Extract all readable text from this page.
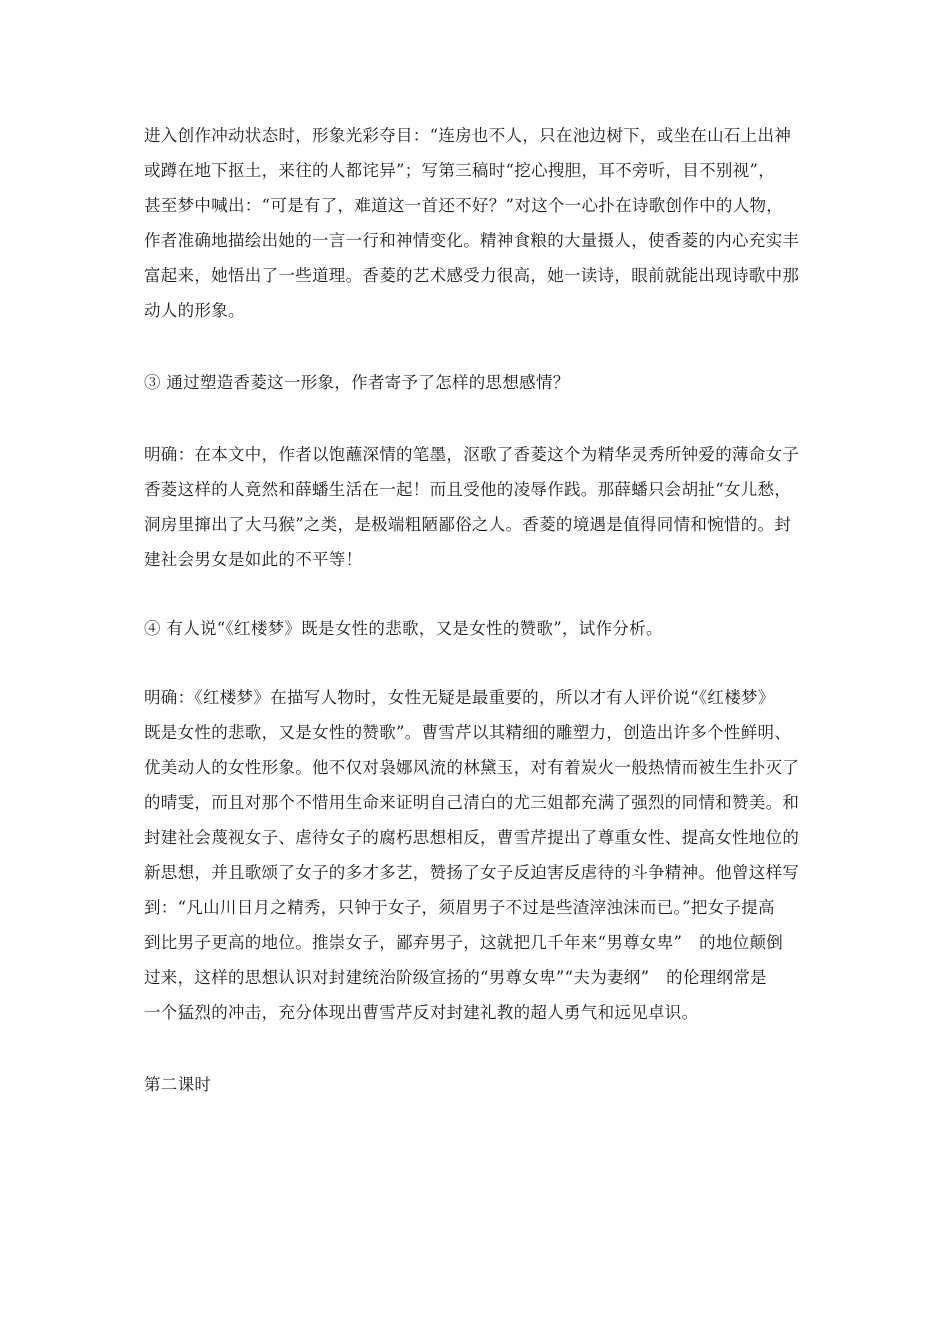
进入创作冲动状态时，形象光彩夺目：“连房也不人，只在池边树下，或坐在山石上出神
或蹲在地下抠土，来往的人都诧异”；写第三稿时“挖心搜胆，耳不旁听，目不别视”，
甚至梦中喊出：“可是有了，难道这一首还不好？”对这个一心扑在诗歌创作中的人物，
作者准确地描绘出她的一言一行和神情变化。精神食粮的大量摄人，使香菱的内心充实丰
富起来，她悟出了一些道理。香菱的艺术感受力很高，她一读诗，眼前就能出现诗歌中那
动人的形象。
③ 通过塑造香菱这一形象，作者寄予了怎样的思想感情？
明确：在本文中，作者以饱蘸深情的笔墨，沤歌了香菱这个为精华灵秀所钟爱的薄命女子
香菱这样的人竟然和薛蟠生活在一起！而且受他的凌辱作践。那薛蟠只会胡扯“女儿愁，
洞房里撺出了大马猴”之类，是极端粗陋鄙俗之人。香菱的境遇是值得同情和惋惜的。封
建社会男女是如此的不平等！
④ 有人说“《红楼梦》既是女性的悲歌，又是女性的赞歌”，试作分析。
明确：《红楼梦》在描写人物时，女性无疑是最重要的，所以才有人评价说“《红楼梦》
既是女性的悲歌，又是女性的赞歌”。曹雪芹以其精细的雕塑力，创造出许多个性鲜明、
优美动人的女性形象。他不仅对袅娜风流的林黛玉，对有着炭火一般热情而被生生扑灭了
的晴雯，而且对那个不惜用生命来证明自己清白的尤三姐都充满了强烈的同情和赞美。和
封建社会蔑视女子、虐待女子的腐朽思想相反，曹雪芹提出了尊重女性、提高女性地位的
新思想，并且歌颂了女子的多才多艺，赞扬了女子反迫害反虐待的斗争精神。他曾这样写
到：“凡山川日月之精秀，只钟于女子，须眉男子不过是些渣滓浊沫而已。”把女子提高
到比男子更高的地位。推崇女子，鄙弃男子，这就把几千年来“男尊女卑”　的地位颠倒
过来，这样的思想认识对封建统治阶级宣扬的“男尊女卑”“夫为妻纲”　的伦理纲常是
一个猛烈的冲击，充分体现出曹雪芹反对封建礼教的超人勇气和远见卓识。
第二课时
